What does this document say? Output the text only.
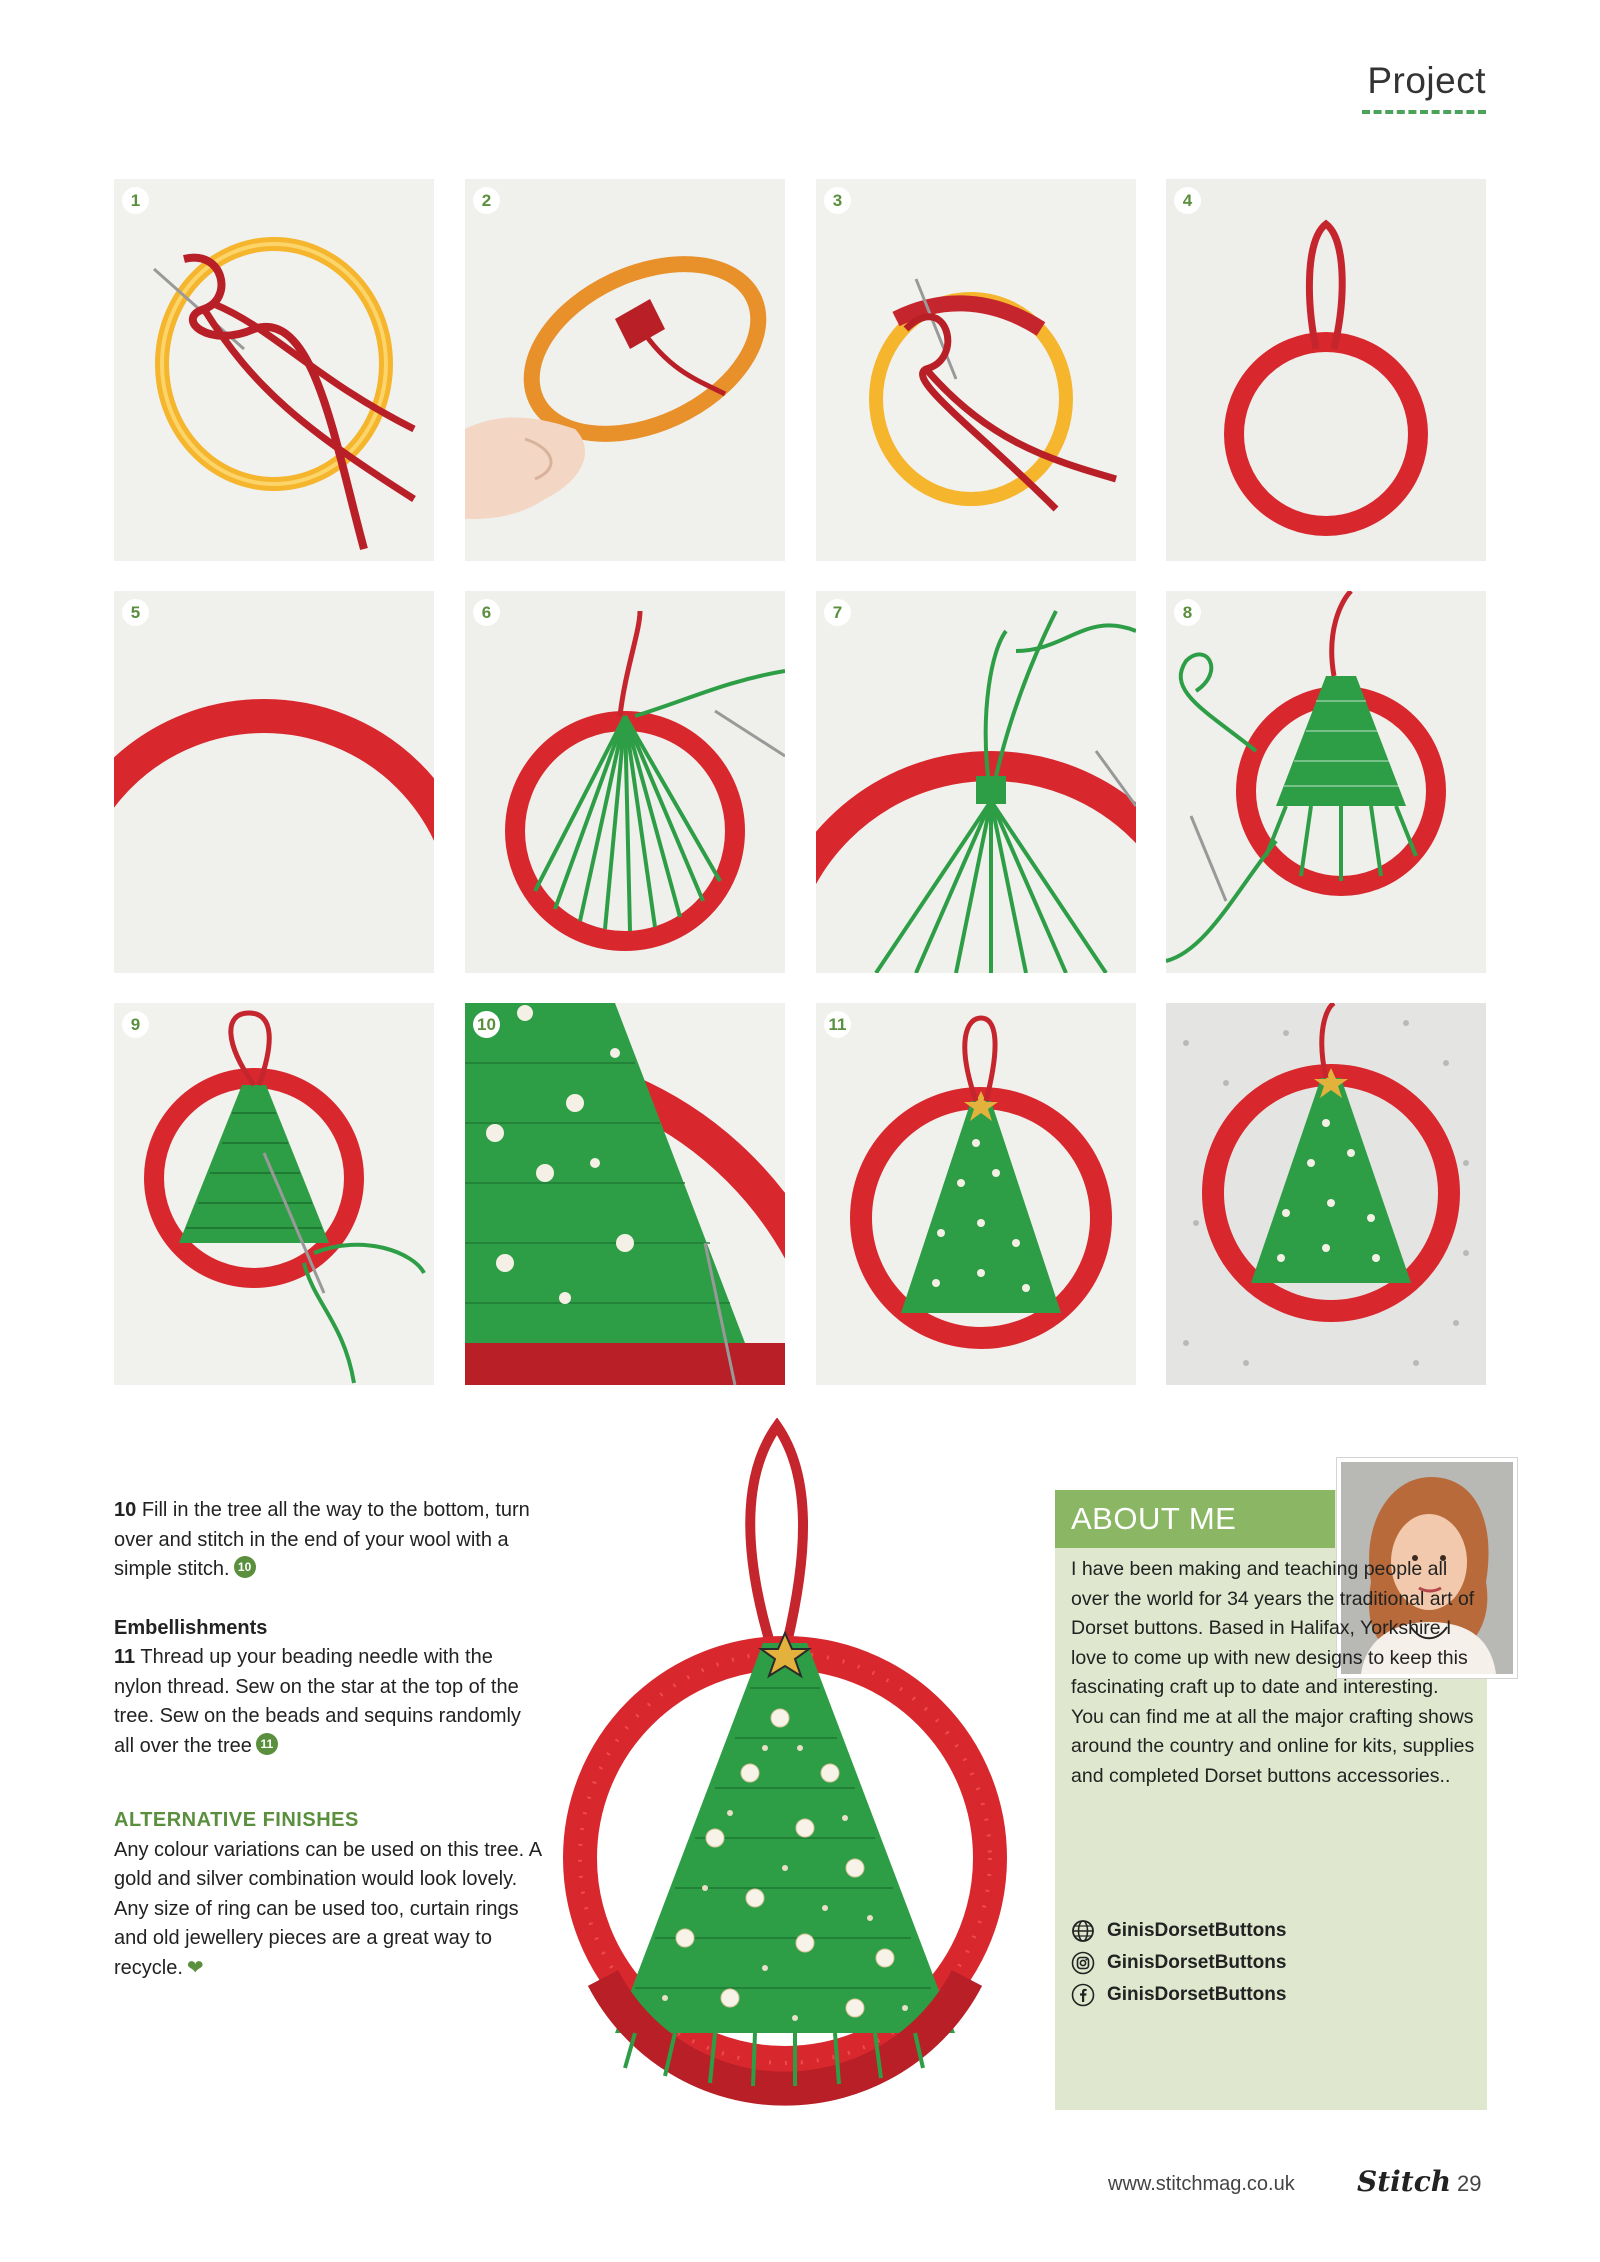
Project
1	2	3	4
5	6	7	8
9	10	11

10 Fill in the tree all the way to the bottom, turn over and stitch in the end of your wool with a simple stitch. 10

Embellishments

11 Thread up your beading needle with the nylon thread. Sew on the star at the top of the tree. Sew on the beads and sequins randomly all over the tree 11

ALTERNATIVE FINISHES

Any colour variations can be used on this tree. A gold and silver combination would look lovely. Any size of ring can be used too, curtain rings and old jewellery pieces are a great way to recycle. ❤

ABOUT ME
I have been making and teaching people all over the world for 34 years the traditional art of Dorset buttons. Based in Halifax, Yorkshire I love to come up with new designs to keep this fascinating craft up to date and interesting. You can find me at all the major crafting shows around the country and online for kits, supplies and completed Dorset buttons accessories..
GinisDorsetButtons
GinisDorsetButtons
GinisDorsetButtons
www.stitchmag.co.uk Stitch 29
